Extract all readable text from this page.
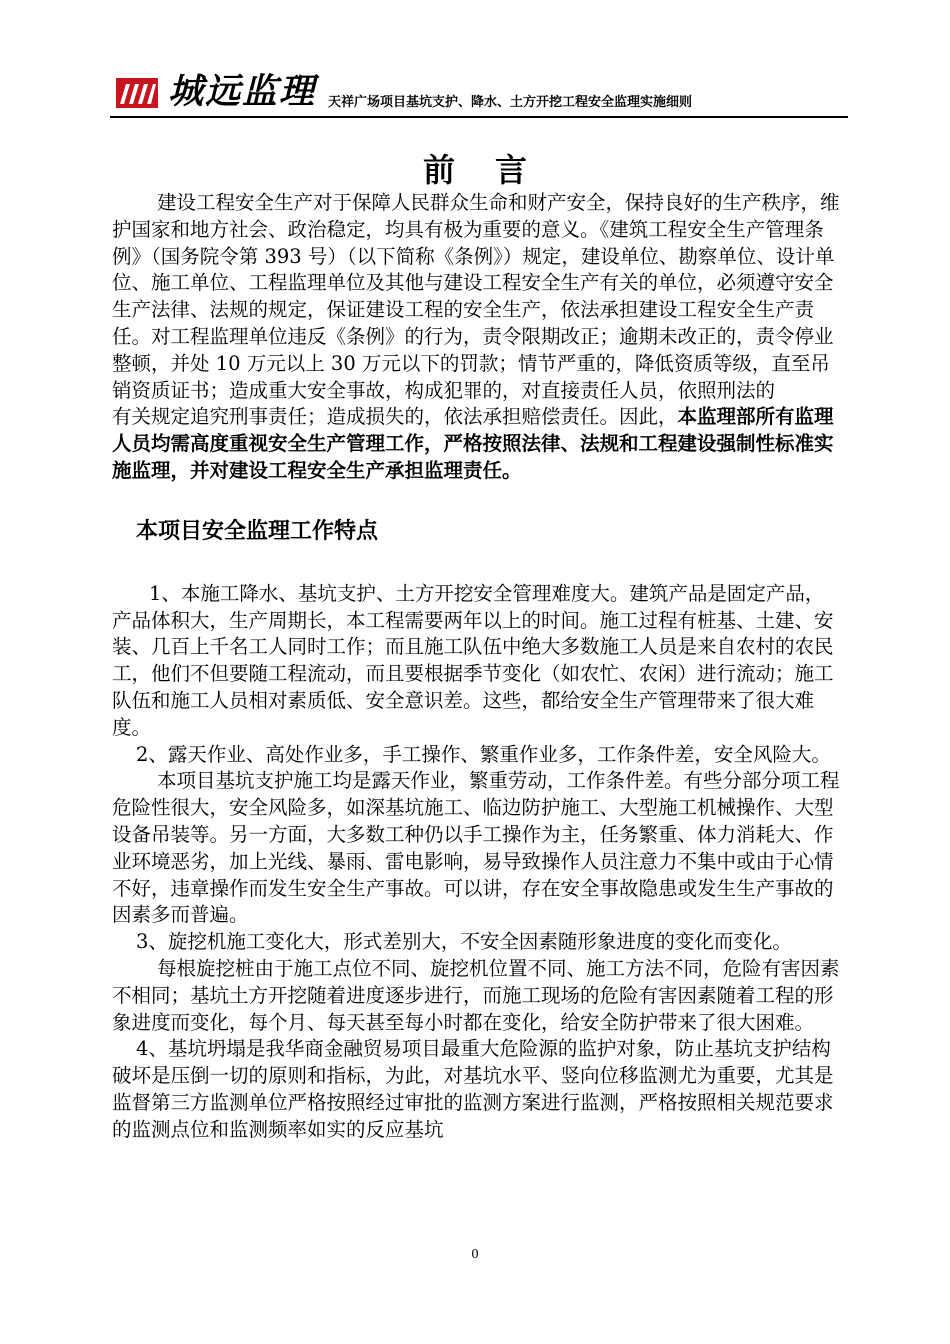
城远监理 天祥广场项目基坑支护、降水、土方开挖工程安全监理实施细则
前言

建设工程安全生产对于保障人民群众生命和财产安全，保持良好的生产秩序，维护国家和地方社会、政治稳定，均具有极为重要的意义。《建筑工程安全生产管理条例》（国务院令第 393 号）（以下简称《条例》）规定，建设单位、勘察单位、设计单位、施工单位、工程监理单位及其他与建设工程安全生产有关的单位，必须遵守安全生产法律、法规的规定，保证建设工程的安全生产，依法承担建设工程安全生产责任。对工程监理单位违反《条例》的行为，责令限期改正；逾期未改正的，责令停业整顿，并处 10 万元以上 30 万元以下的罚款；情节严重的，降低资质等级，直至吊销资质证书；造成重大安全事故，构成犯罪的，对直接责任人员，依照刑法的

有关规定追究刑事责任；造成损失的，依法承担赔偿责任。因此，本监理部所有监理人员均需高度重视安全生产管理工作，严格按照法律、法规和工程建设强制性标准实施监理，并对建设工程安全生产承担监理责任。

本项目安全监理工作特点

1、本施工降水、基坑支护、土方开挖安全管理难度大。建筑产品是固定产品，产品体积大，生产周期长，本工程需要两年以上的时间。施工过程有桩基、土建、安装、几百上千名工人同时工作；而且施工队伍中绝大多数施工人员是来自农村的农民工，他们不但要随工程流动，而且要根据季节变化（如农忙、农闲）进行流动；施工队伍和施工人员相对素质低、安全意识差。这些，都给安全生产管理带来了很大难度。

2、露天作业、高处作业多，手工操作、繁重作业多，工作条件差，安全风险大。

本项目基坑支护施工均是露天作业，繁重劳动，工作条件差。有些分部分项工程危险性很大，安全风险多，如深基坑施工、临边防护施工、大型施工机械操作、大型设备吊装等。另一方面，大多数工种仍以手工操作为主，任务繁重、体力消耗大、作业环境恶劣，加上光线、暴雨、雷电影响，易导致操作人员注意力不集中或由于心情不好，违章操作而发生安全生产事故。可以讲，存在安全事故隐患或发生生产事故的因素多而普遍。

3、旋挖机施工变化大，形式差别大，不安全因素随形象进度的变化而变化。

每根旋挖桩由于施工点位不同、旋挖机位置不同、施工方法不同，危险有害因素不相同；基坑土方开挖随着进度逐步进行，而施工现场的危险有害因素随着工程的形象进度而变化，每个月、每天甚至每小时都在变化，给安全防护带来了很大困难。

4、基坑坍塌是我华商金融贸易项目最重大危险源的监护对象，防止基坑支护结构破坏是压倒一切的原则和指标，为此，对基坑水平、竖向位移监测尤为重要，尤其是监督第三方监测单位严格按照经过审批的监测方案进行监测，严格按照相关规范要求的监测点位和监测频率如实的反应基坑

0
